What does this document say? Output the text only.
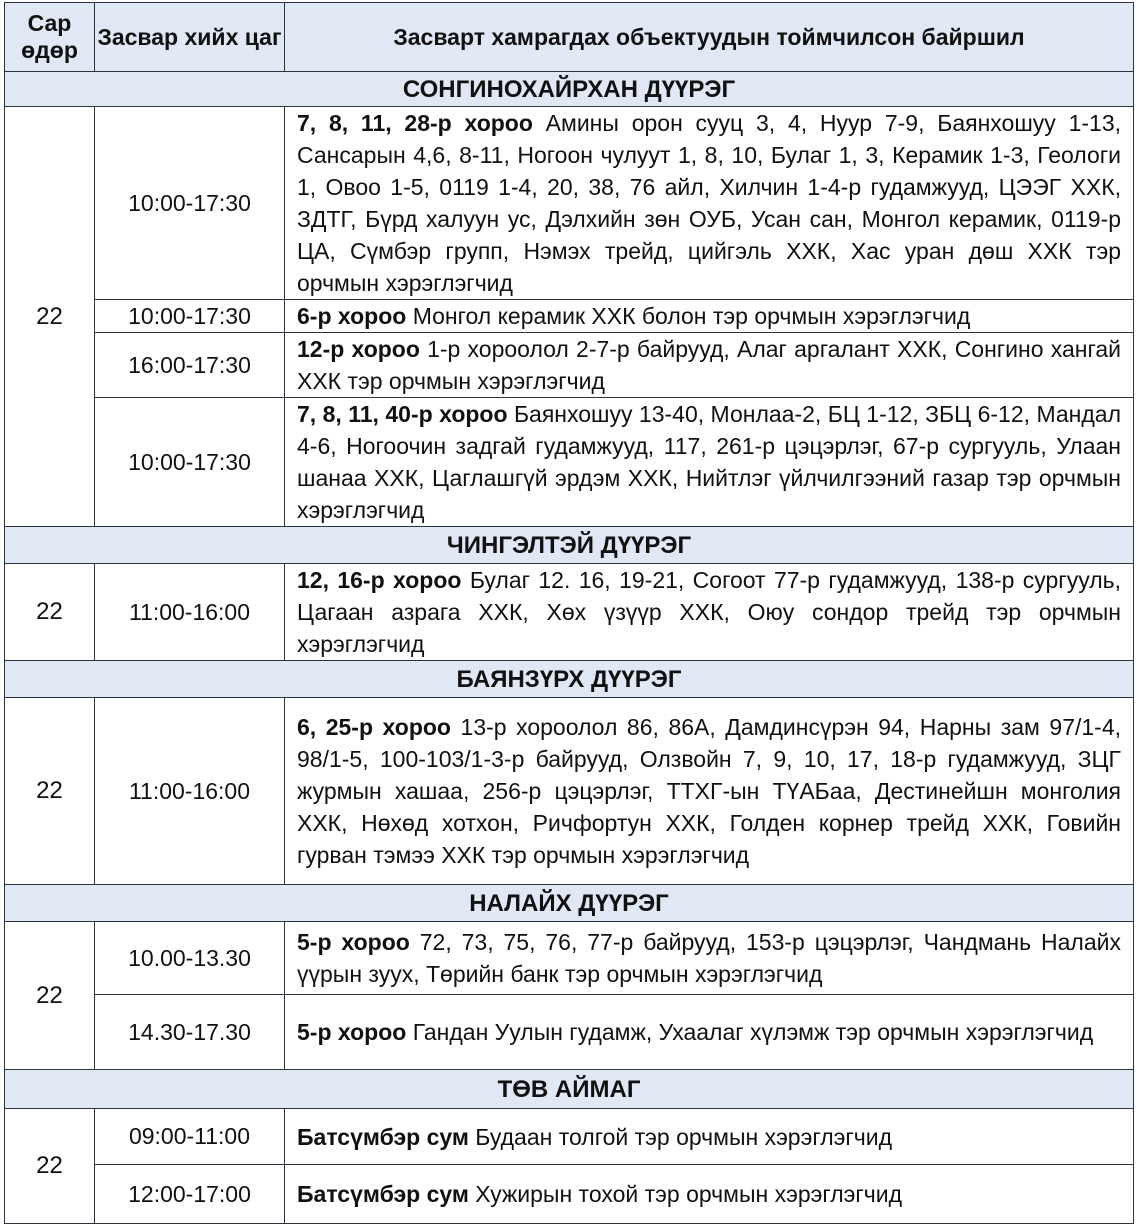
Сар өдөр	Засвар хийх цаг	Засварт хамрагдах объектуудын тоймчилсон байршил
СОНГИНОХАЙРХАН ДҮҮРЭГ		
22	10:00-17:30	7, 8, 11, 28-р хороо Амины орон сууц 3, 4, Нуур 7-9, Баянхошуу 1-13, Сансарын 4,6, 8-11, Ногоон чулуут 1, 8, 10, Булаг 1, 3, Керамик 1-3, Геологи 1, Овоо 1-5, 0119 1-4, 20, 38, 76 айл, Хилчин 1-4-р гудамжууд, ЦЭЭГ ХХК, ЗДТГ, Бүрд халуун ус, Дэлхийн зөн ОУБ, Усан сан, Монгол керамик, 0119-р ЦА, Сүмбэр групп, Нэмэх трейд, цийгэль ХХК, Хас уран дөш ХХК тэр орчмын хэрэглэгчид
	10:00-17:30	6-р хороо Монгол керамик ХХК болон тэр орчмын хэрэглэгчид
	16:00-17:30	12-р хороо 1-р хороолол 2-7-р байрууд, Алаг аргалант ХХК, Сонгино хангай ХХК тэр орчмын хэрэглэгчид
	10:00-17:30	7, 8, 11, 40-р хороо Баянхошуу 13-40, Монлаа-2, БЦ 1-12, ЗБЦ 6-12, Мандал 4-6, Ногоочин задгай гудамжууд, 117, 261-р цэцэрлэг, 67-р сургууль, Улаан шанаа ХХК, Цаглашгүй эрдэм ХХК, Нийтлэг үйлчилгээний газар тэр орчмын хэрэглэгчид
ЧИНГЭЛТЭЙ ДҮҮРЭГ		
22	11:00-16:00	12, 16-р хороо Булаг 12. 16, 19-21, Согоот 77-р гудамжууд, 138-р сургууль, Цагаан азрага ХХК, Хөх үзүүр ХХК, Оюу сондор трейд тэр орчмын хэрэглэгчид
БАЯНЗҮРХ ДҮҮРЭГ		
22	11:00-16:00	6, 25-р хороо 13-р хороолол 86, 86А, Дамдинсүрэн 94, Нарны зам 97/1-4, 98/1-5, 100-103/1-3-р байрууд, Олзвойн 7, 9, 10, 17, 18-р гудамжууд, ЗЦГ журмын хашаа, 256-р цэцэрлэг, ТТХГ-ын ТҮАБаа, Дестинейшн монголия ХХК, Нөхөд хотхон, Ричфортун ХХК, Голден корнер трейд ХХК, Говийн гурван тэмээ ХХК тэр орчмын хэрэглэгчид
НАЛАЙХ ДҮҮРЭГ		
22	10.00-13.30	5-р хороо 72, 73, 75, 76, 77-р байрууд, 153-р цэцэрлэг, Чандмань Налайх үүрын зуух, Төрийн банк тэр орчмын хэрэглэгчид
	14.30-17.30	5-р хороо Гандан Уулын гудамж, Ухаалаг хүлэмж тэр орчмын хэрэглэгчид
ТӨВ АЙМАГ		
22	09:00-11:00	Батсүмбэр сум Будаан толгой тэр орчмын хэрэглэгчид
	12:00-17:00	Батсүмбэр сум Хужирын тохой тэр орчмын хэрэглэгчид
